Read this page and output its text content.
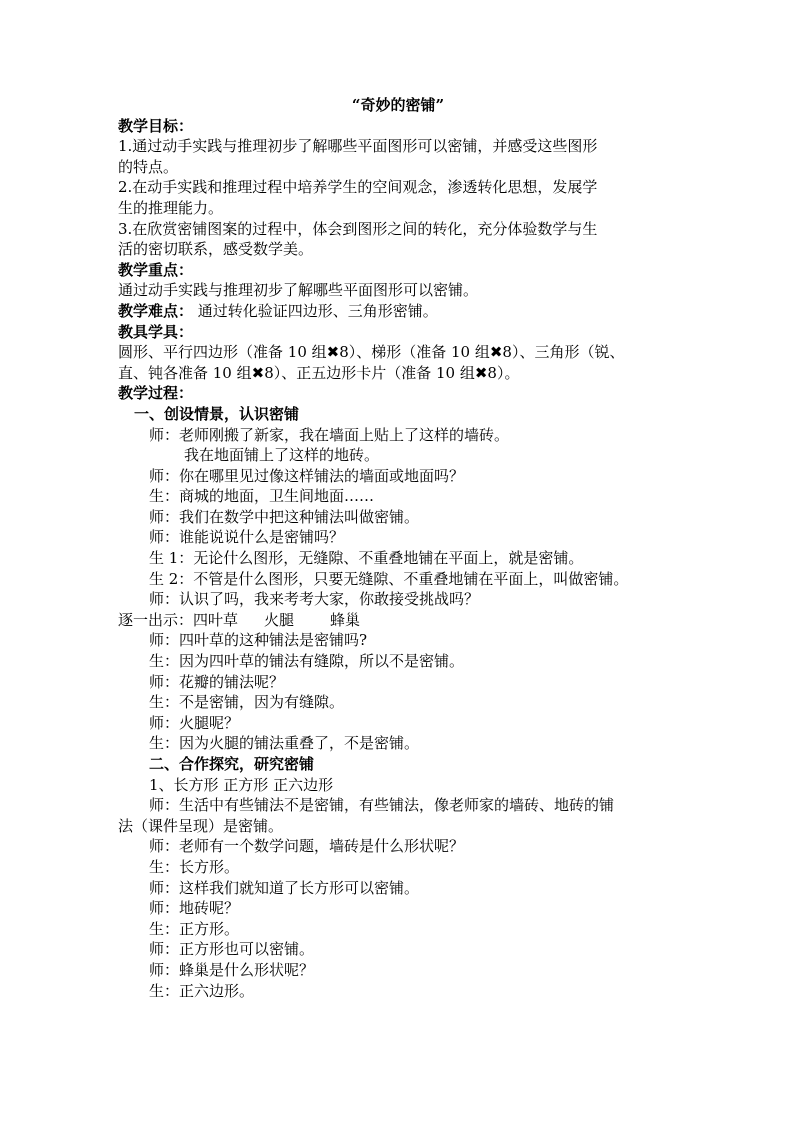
“奇妙的密铺”
教学目标：
1.通过动手实践与推理初步了解哪些平面图形可以密铺，并感受这些图形
的特点。
2.在动手实践和推理过程中培养学生的空间观念，渗透转化思想，发展学
生的推理能力。
3.在欣赏密铺图案的过程中，体会到图形之间的转化，充分体验数学与生
活的密切联系，感受数学美。
教学重点：
通过动手实践与推理初步了解哪些平面图形可以密铺。
教学难点： 通过转化验证四边形、三角形密铺。
教具学具：
圆形、平行四边形（准备 10 组✖8）、梯形（准备 10 组✖8）、三角形（锐、
直、钝各准备 10 组✖8）、正五边形卡片（准备 10 组✖8）。
教学过程：
一、创设情景，认识密铺
师：老师刚搬了新家，我在墙面上贴上了这样的墙砖。
我在地面铺上了这样的地砖。
师：你在哪里见过像这样铺法的墙面或地面吗？
生：商城的地面，卫生间地面……
师：我们在数学中把这种铺法叫做密铺。
师：谁能说说什么是密铺吗？
生 1：无论什么图形，无缝隙、不重叠地铺在平面上，就是密铺。
生 2：不管是什么图形，只要无缝隙、不重叠地铺在平面上，叫做密铺。
师：认识了吗，我来考考大家，你敢接受挑战吗？
逐一出示：四叶草 火腿 蜂巢
师：四叶草的这种铺法是密铺吗?
生：因为四叶草的铺法有缝隙，所以不是密铺。
师：花瓣的铺法呢？
生：不是密铺，因为有缝隙。
师：火腿呢？
生：因为火腿的铺法重叠了，不是密铺。
二、合作探究，研究密铺
1、长方形 正方形 正六边形
师：生活中有些铺法不是密铺，有些铺法，像老师家的墙砖、地砖的铺
法（课件呈现）是密铺。
师：老师有一个数学问题，墙砖是什么形状呢？
生：长方形。
师：这样我们就知道了长方形可以密铺。
师：地砖呢？
生：正方形。
师：正方形也可以密铺。
师：蜂巢是什么形状呢？
生：正六边形。
